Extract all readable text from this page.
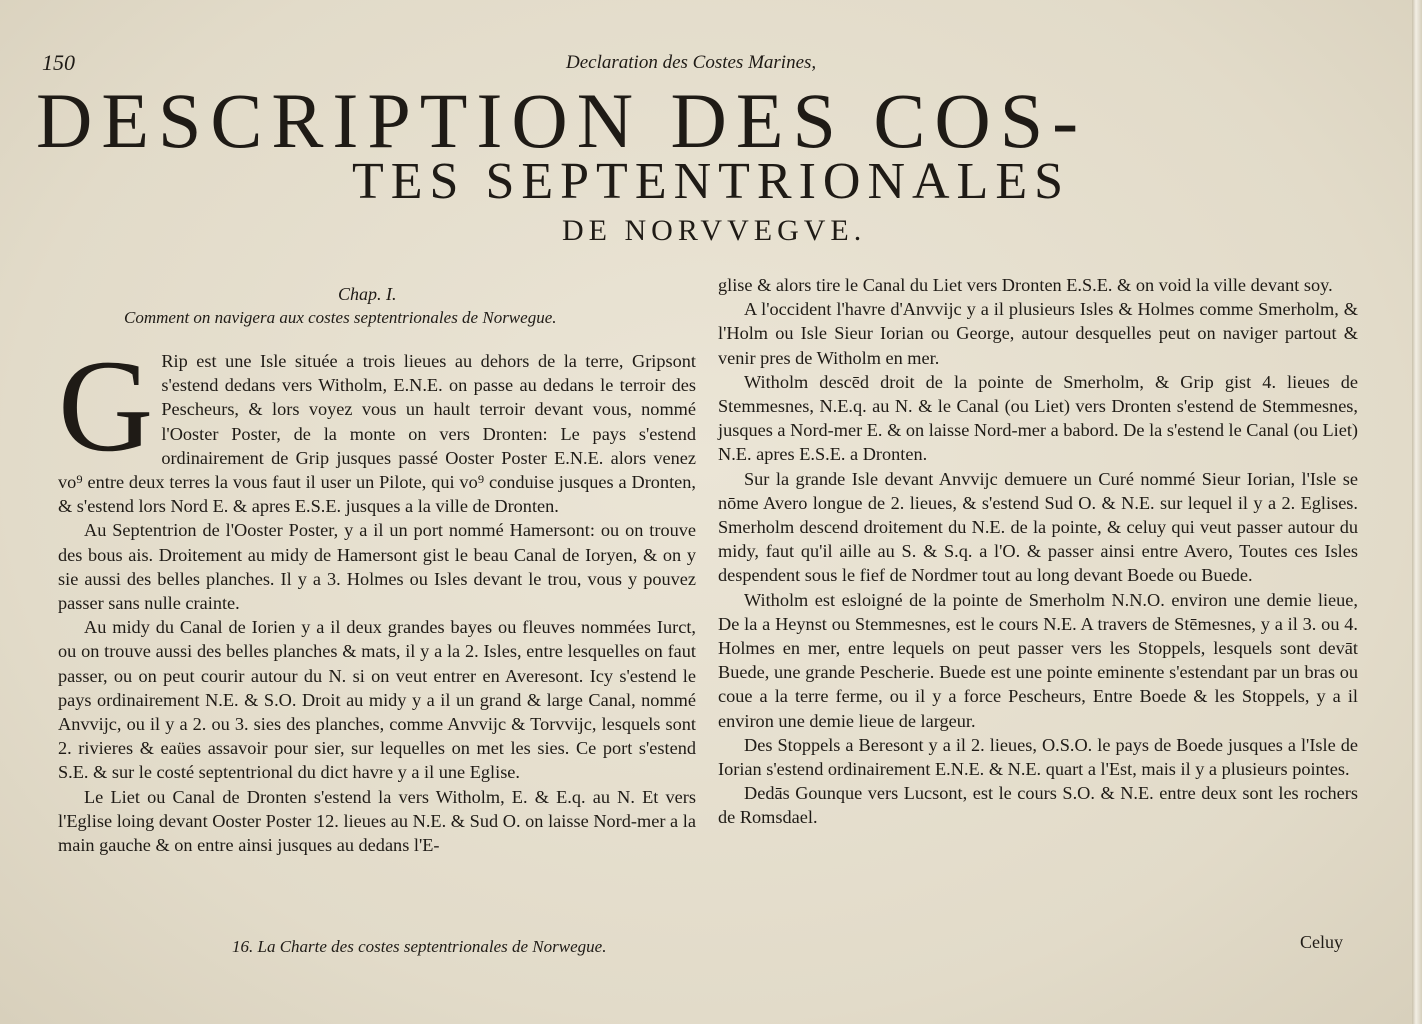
150	Declaration des Costes Marines,
DESCRIPTION DES COS-
TES SEPTENTRIONALES
DE NORVVEGVE.
Chap. I.
Comment on navigera aux costes septentrionales de Norwegue.

G Rip est une Isle située a trois lieues au dehors de la terre, Gripsont s'estend dedans vers Witholm, E.N.E. on passe au dedans le terroir des Pescheurs, & lors voyez vous un hault terroir devant vous, nommé l'Ooster Poster, de la monte on vers Dronten: Le pays s'estend ordinairement de Grip jusques passé Ooster Poster E.N.E. alors venez vo⁹ entre deux terres la vous faut il user un Pilote, qui vo⁹ conduise jusques a Dronten, & s'estend lors Nord E. & apres E.S.E. jusques a la ville de Dronten.

Au Septentrion de l'Ooster Poster, y a il un port nommé Hamersont: ou on trouve des bous ais. Droitement au midy de Hamersont gist le beau Canal de Ioryen, & on y sie aussi des belles planches. Il y a 3. Holmes ou Isles devant le trou, vous y pouvez passer sans nulle crainte.

Au midy du Canal de Iorien y a il deux grandes bayes ou fleuves nommées Iurct, ou on trouve aussi des belles planches & mats, il y a la 2. Isles, entre lesquelles on faut passer, ou on peut courir autour du N. si on veut entrer en Averesont. Icy s'estend le pays ordinairement N.E. & S.O. Droit au midy y a il un grand & large Canal, nommé Anvvijc, ou il y a 2. ou 3. sies des planches, comme Anvvijc & Torvvijc, lesquels sont 2. rivieres & eaües assavoir pour sier, sur lequelles on met les sies. Ce port s'estend S.E. & sur le costé septentrional du dict havre y a il une Eglise.

Le Liet ou Canal de Dronten s'estend la vers Witholm, E. & E.q. au N. Et vers l'Eglise loing devant Ooster Poster 12. lieues au N.E. & Sud O. on laisse Nord-mer a la main gauche & on entre ainsi jusques au dedans l'E-

glise & alors tire le Canal du Liet vers Dronten E.S.E. & on void la ville devant soy.

A l'occident l'havre d'Anvvijc y a il plusieurs Isles & Holmes comme Smerholm, & l'Holm ou Isle Sieur Iorian ou George, autour desquelles peut on naviger partout & venir pres de Witholm en mer.

Witholm descēd droit de la pointe de Smerholm, & Grip gist 4. lieues de Stemmesnes, N.E.q. au N. & le Canal (ou Liet) vers Dronten s'estend de Stemmesnes, jusques a Nord-mer E. & on laisse Nord-mer a babord. De la s'estend le Canal (ou Liet) N.E. apres E.S.E. a Dronten.

Sur la grande Isle devant Anvvijc demuere un Curé nommé Sieur Iorian, l'Isle se nōme Avero longue de 2. lieues, & s'estend Sud O. & N.E. sur lequel il y a 2. Eglises. Smerholm descend droitement du N.E. de la pointe, & celuy qui veut passer autour du midy, faut qu'il aille au S. & S.q. a l'O. & passer ainsi entre Avero, Toutes ces Isles despendent sous le fief de Nordmer tout au long devant Boede ou Buede.

Witholm est esloigné de la pointe de Smerholm N.N.O. environ une demie lieue, De la a Heynst ou Stemmesnes, est le cours N.E. A travers de Stēmesnes, y a il 3. ou 4. Holmes en mer, entre lequels on peut passer vers les Stoppels, lesquels sont devāt Buede, une grande Pescherie. Buede est une pointe eminente s'estendant par un bras ou coue a la terre ferme, ou il y a force Pescheurs, Entre Boede & les Stoppels, y a il environ une demie lieue de largeur.

Des Stoppels a Beresont y a il 2. lieues, O.S.O. le pays de Boede jusques a l'Isle de Iorian s'estend ordinairement E.N.E. & N.E. quart a l'Est, mais il y a plusieurs pointes.

Dedās Gounque vers Lucsont, est le cours S.O. & N.E. entre deux sont les rochers de Romsdael.

16. La Charte des costes septentrionales de Norwegue.	Celuy
